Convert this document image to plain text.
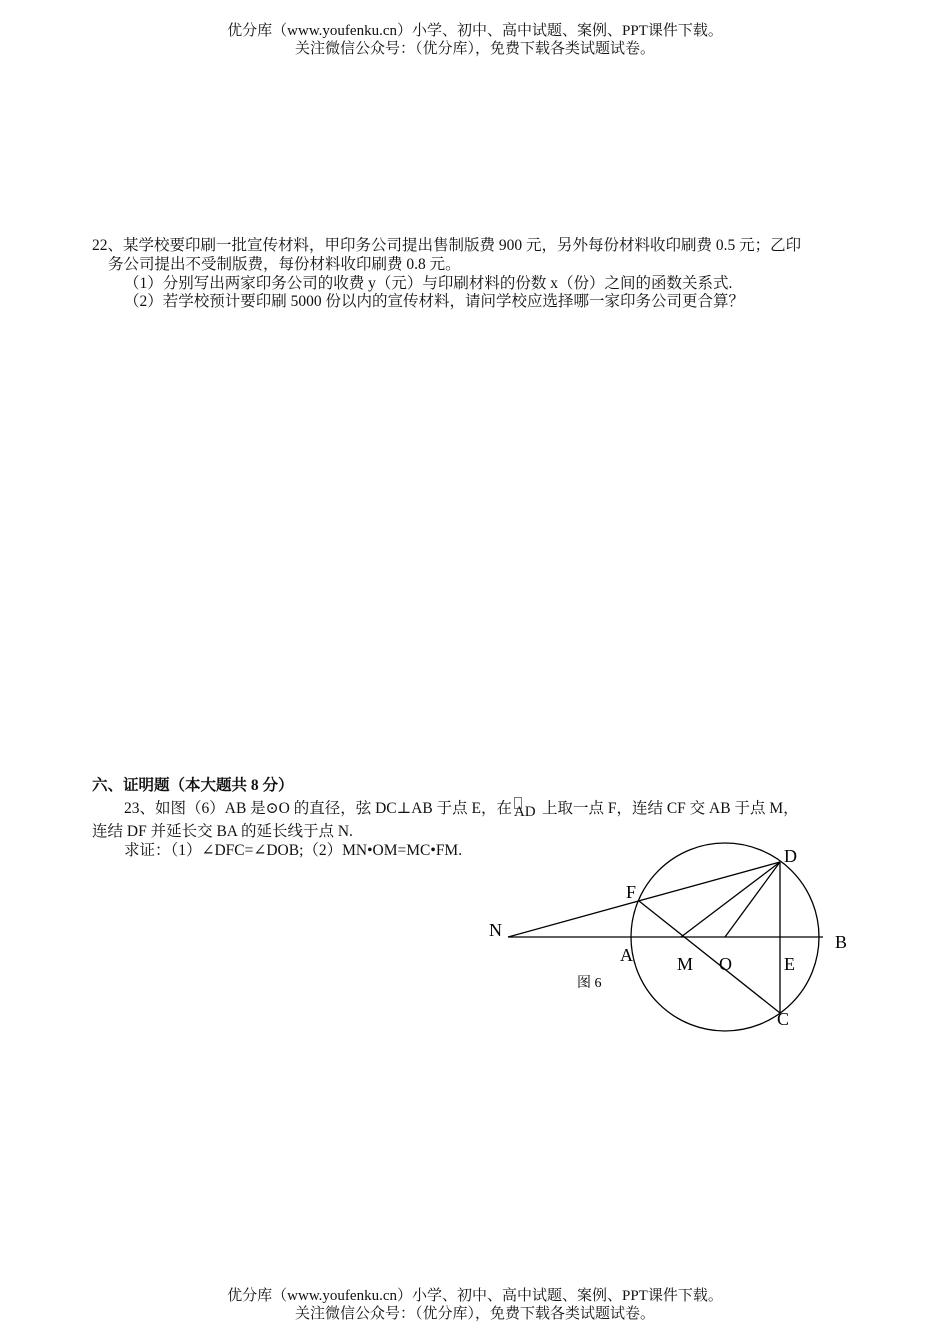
优分库（www.youfenku.cn）小学、初中、高中试题、案例、PPT课件下载。
关注微信公众号：（优分库），免费下载各类试题试卷。
22、某学校要印刷一批宣传材料，甲印务公司提出售制版费 900 元，另外每份材料收印刷费 0.5 元；乙印
务公司提出不受制版费，每份材料收印刷费 0.8 元。
（1）分别写出两家印务公司的收费 y（元）与印刷材料的份数 x（份）之间的函数关系式.
（2）若学校预计要印刷 5000 份以内的宣传材料，请问学校应选择哪一家印务公司更合算？
六、证明题（本大题共 8 分）
23、如图（6）AB 是⊙O 的直径，弦 DC⊥AB 于点 E，在 AD 上取一点 F，连结 CF 交 AB 于点 M，
连结 DF 并延长交 BA 的延长线于点 N.
求证：（1）∠DFC=∠DOB;（2）MN•OM=MC•FM.
N
A M O	E
B
F
D
C
图 6
优分库（www.youfenku.cn）小学、初中、高中试题、案例、PPT课件下载。
关注微信公众号：（优分库），免费下载各类试题试卷。
